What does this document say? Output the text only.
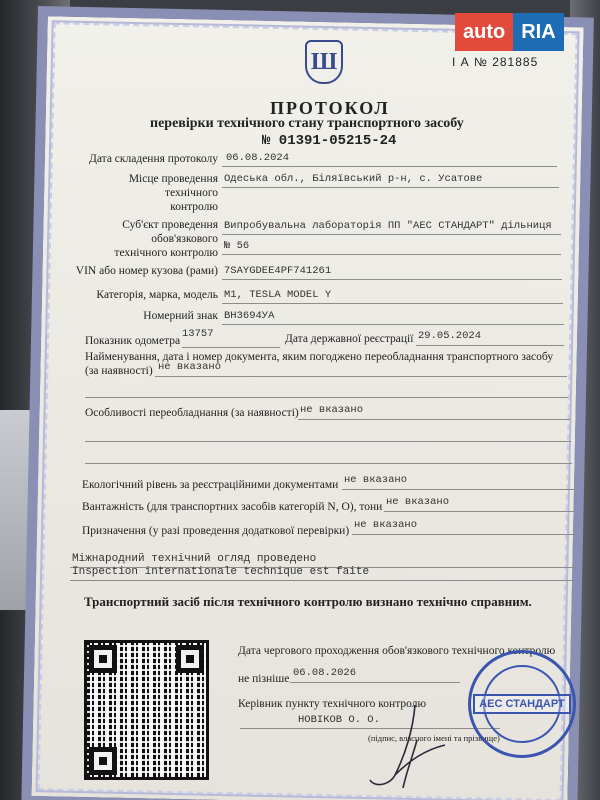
auto RIA
Ш	І А № 281885
ПРОТОКОЛ
перевірки технічного стану транспортного засобу
№ 01391-05215-24
Дата складення протоколу 06.08.2024
Місце проведення технічного контролю
Одеська обл., Біляївський р-н, с. Усатове
Суб'єкт проведення обов'язкового технічного контролю
Випробувальна лабораторія ПП "АЕС СТАНДАРТ" дільниця
№ 56
VIN або номер кузова (рами) 7SAYGDEE4PF741261
Категорія, марка, модель М1, TESLA MODEL Y
Номерний знак ВН3694УА
13757
Показник одометра	Дата державної реєстрації 29.05.2024
Найменування, дата і номер документа, яким погоджено переобладнання транспортного засобу
(за наявності) не вказано
Особливості переобладнання (за наявності) не вказано
Екологічний рівень за реєстраційними документами не вказано
Вантажність (для транспортних засобів категорій N, O), тони не вказано
Призначення (у разі проведення додаткової перевірки) не вказано
Міжнародний технічний огляд проведено
Inspection internationale technique est faite
Транспортний засіб після технічного контролю визнано технічно справним.
Дата чергового проходження обов'язкового технічного контролю
не пізніше 06.08.2026
Керівник пункту технічного контролю
НОВІКОВ О. О.
(підпис, власного імені та прізвище)
АЕС СТАНДАРТ
